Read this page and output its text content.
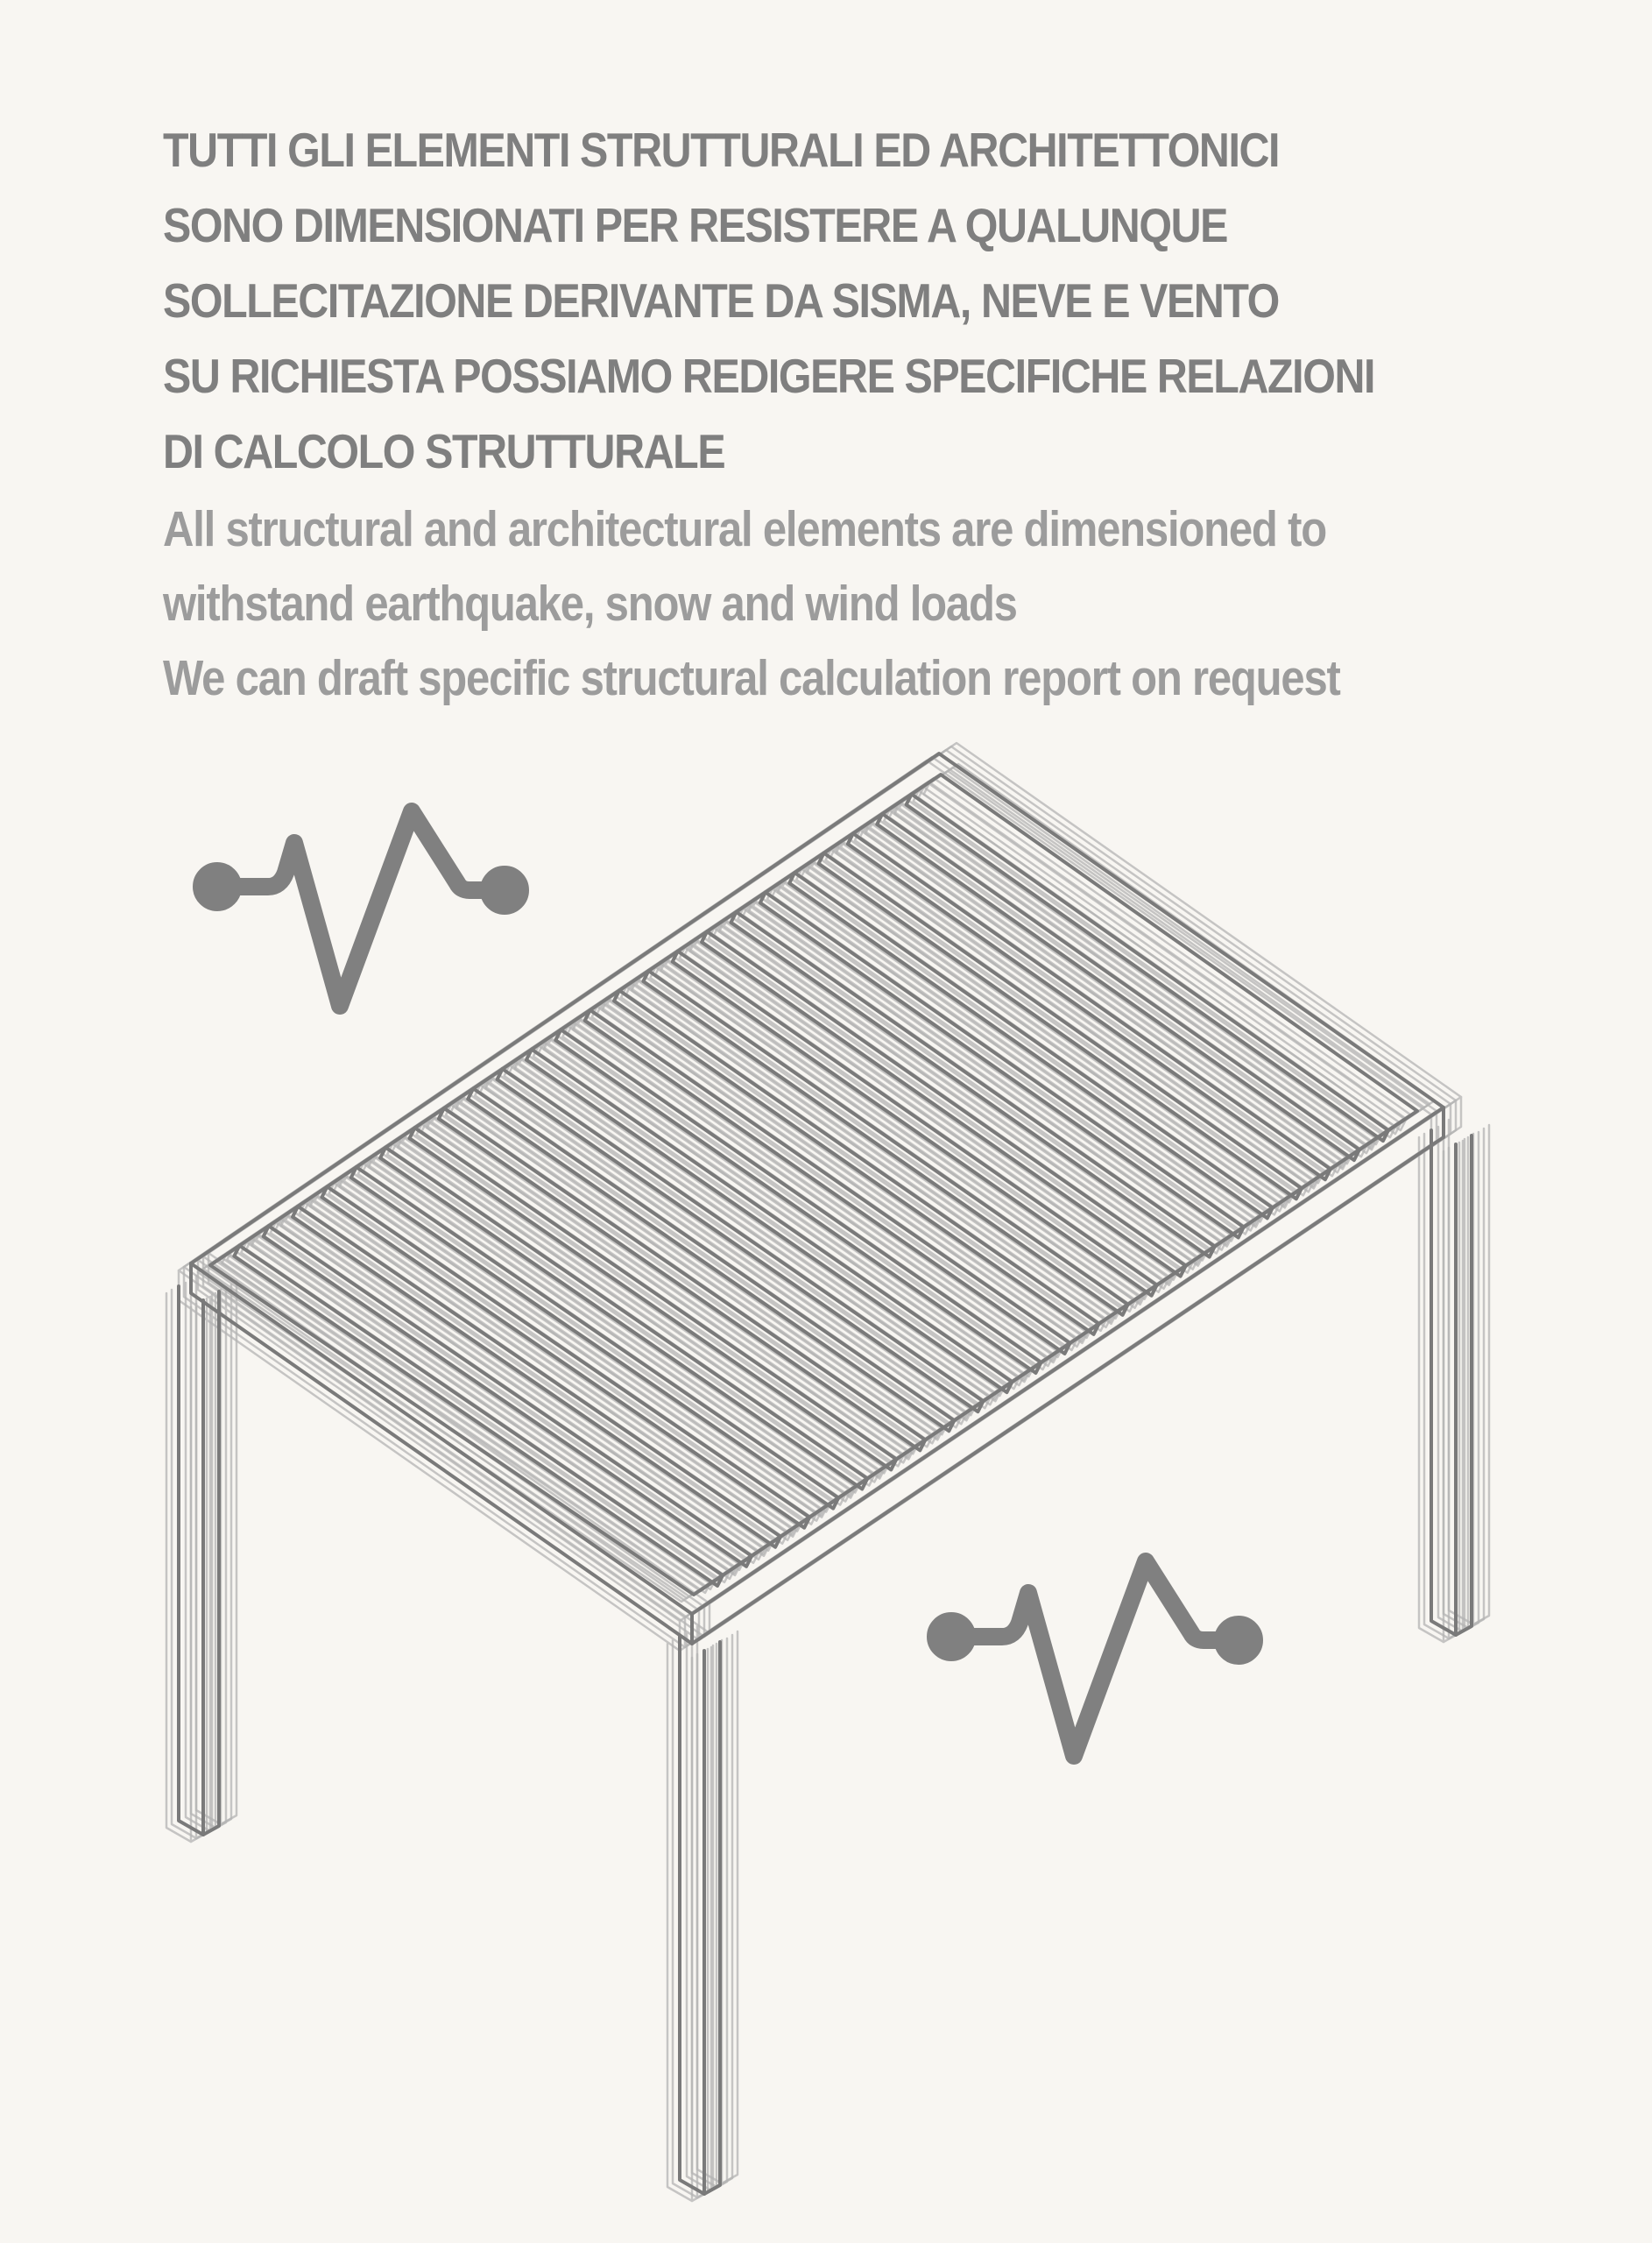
TUTTI GLI ELEMENTI STRUTTURALI ED ARCHITETTONICI
SONO DIMENSIONATI PER RESISTERE A QUALUNQUE
SOLLECITAZIONE DERIVANTE DA SISMA, NEVE E VENTO
SU RICHIESTA POSSIAMO REDIGERE SPECIFICHE RELAZIONI
DI CALCOLO STRUTTURALE
All structural and architectural elements are dimensioned to
withstand earthquake, snow and wind loads
We can draft specific structural calculation report on request
